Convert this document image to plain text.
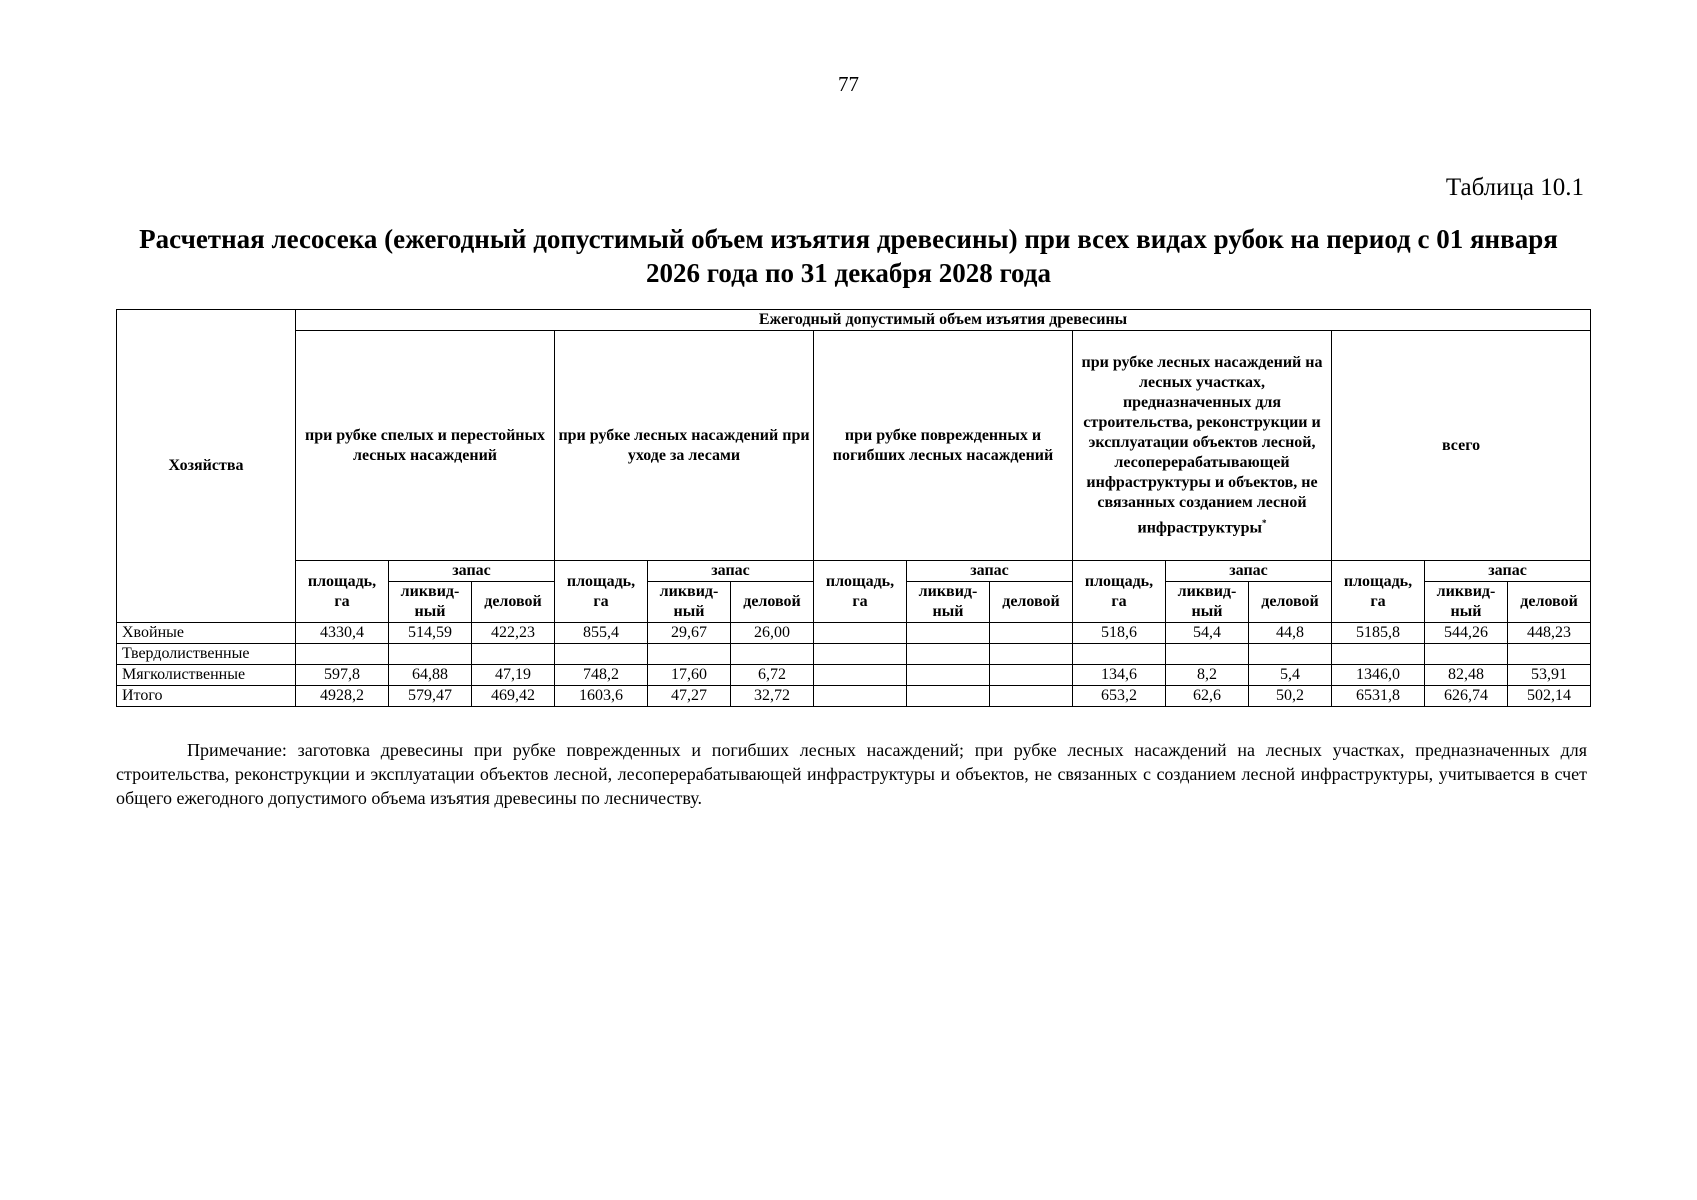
77
Таблица 10.1
Расчетная лесосека (ежегодный допустимый объем изъятия древесины) при всех видах рубок на период с 01 января 2026 года по 31 декабря 2028 года
Хозяйства	Ежегодный допустимый объем изъятия древесины														
	при рубке спелых и перестойных лесных насаждений			при рубке лесных насаждений при уходе за лесами			при рубке поврежденных и погибших лесных насаждений			при рубке лесных насаждений на лесных участках, предназначенных для строительства, реконструкции и эксплуатации объектов лесной, лесоперерабатывающей инфраструктуры и объектов, не связанных созданием лесной инфраструктуры*			всего		
	площадь, га	запас		площадь, га	запас		площадь, га	запас		площадь, га	запас		площадь, га	запас	
		ликвид-ный	деловой		ликвид-ный	деловой		ликвид-ный	деловой		ликвид-ный	деловой		ликвид-ный	деловой
Хвойные	4330,4	514,59	422,23	855,4	29,67	26,00				518,6	54,4	44,8	5185,8	544,26	448,23
Твердолиственные															
Мягколиственные	597,8	64,88	47,19	748,2	17,60	6,72				134,6	8,2	5,4	1346,0	82,48	53,91
Итого	4928,2	579,47	469,42	1603,6	47,27	32,72				653,2	62,6	50,2	6531,8	626,74	502,14
Примечание: заготовка древесины при рубке поврежденных и погибших лесных насаждений; при рубке лесных насаждений на лесных участках, предназначенных для строительства, реконструкции и эксплуатации объектов лесной, лесоперерабатывающей инфраструктуры и объектов, не связанных с созданием лесной инфраструктуры, учитывается в счет общего ежегодного допустимого объема изъятия древесины по лесничеству.
